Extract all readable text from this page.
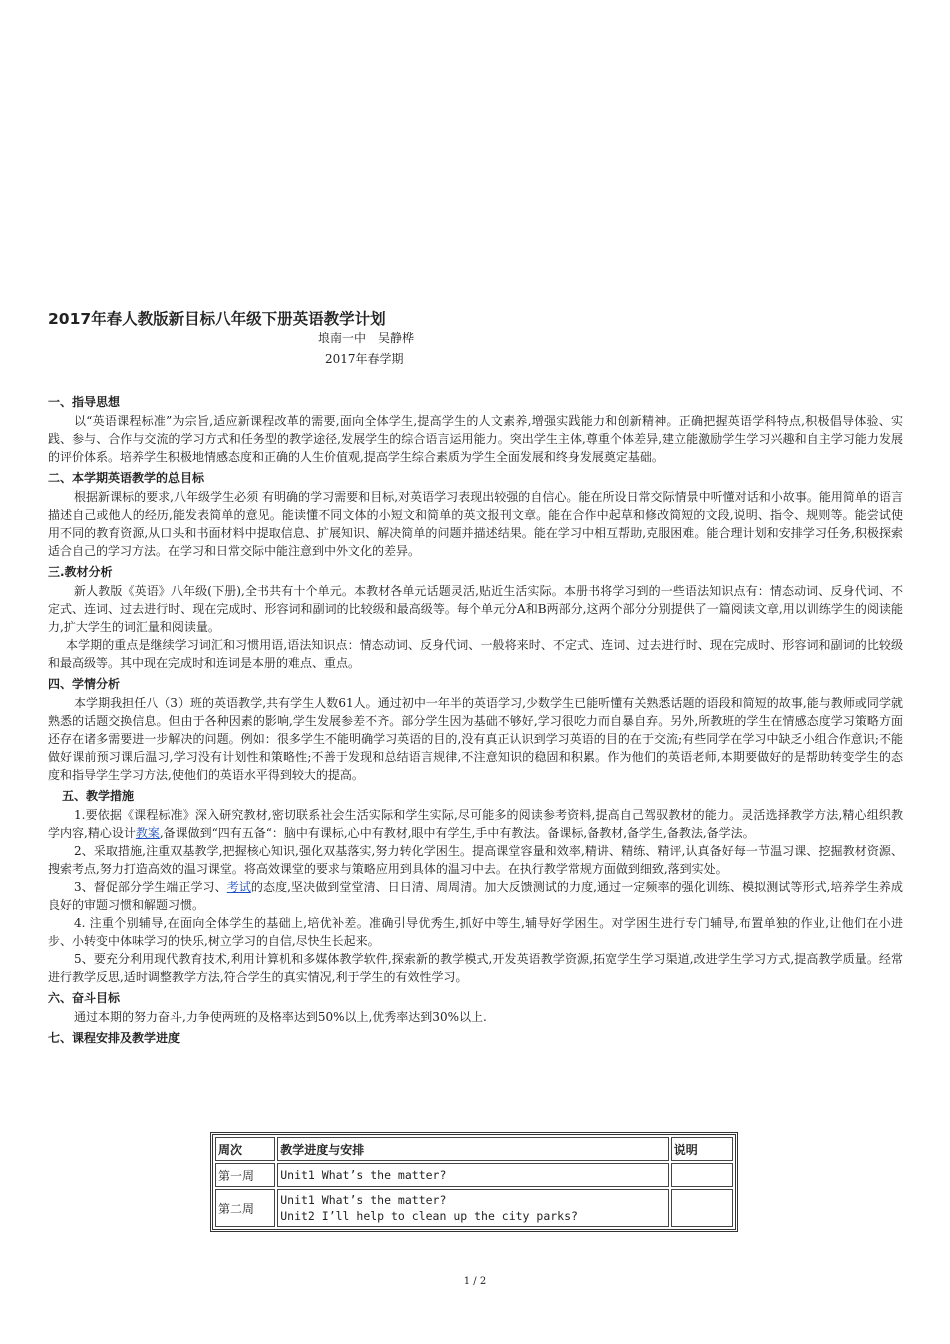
2017年春人教版新目标八年级下册英语教学计划
埌南一中　吴静桦
2017年春学期
一、指导思想

以“英语课程标准”为宗旨,适应新课程改革的需要,面向全体学生,提高学生的人文素养,增强实践能力和创新精神。正确把握英语学科特点,积极倡导体验、实践、参与、合作与交流的学习方式和任务型的教学途径,发展学生的综合语言运用能力。突出学生主体,尊重个体差异,建立能激励学生学习兴趣和自主学习能力发展的评价体系。培养学生积极地情感态度和正确的人生价值观,提高学生综合素质为学生全面发展和终身发展奠定基础。

二、本学期英语教学的总目标

根据新课标的要求,八年级学生必须 有明确的学习需要和目标,对英语学习表现出较强的自信心。能在所设日常交际情景中听懂对话和小故事。能用简单的语言描述自己或他人的经历,能发表简单的意见。能读懂不同文体的小短文和简单的英文报刊文章。能在合作中起草和修改简短的文段,说明、指令、规则等。能尝试使用不同的教育资源,从口头和书面材料中提取信息、扩展知识、解决简单的问题并描述结果。能在学习中相互帮助,克服困难。能合理计划和安排学习任务,积极探索适合自己的学习方法。在学习和日常交际中能注意到中外文化的差异。

三.教材分析

新人教版《英语》八年级(下册),全书共有十个单元。本教材各单元话题灵活,贴近生活实际。本册书将学习到的一些语法知识点有：情态动词、反身代词、不定式、连词、过去进行时、现在完成时、形容词和副词的比较级和最高级等。每个单元分A和B两部分,这两个部分分别提供了一篇阅读文章,用以训练学生的阅读能力,扩大学生的词汇量和阅读量。

本学期的重点是继续学习词汇和习惯用语,语法知识点：情态动词、反身代词、一般将来时、不定式、连词、过去进行时、现在完成时、形容词和副词的比较级和最高级等。其中现在完成时和连词是本册的难点、重点。

四、学情分析

本学期我担任八（3）班的英语教学,共有学生人数61人。通过初中一年半的英语学习,少数学生已能听懂有关熟悉话题的语段和简短的故事,能与教师或同学就熟悉的话题交换信息。但由于各种因素的影响,学生发展参差不齐。部分学生因为基础不够好,学习很吃力而自暴自弃。另外,所教班的学生在情感态度学习策略方面还存在诸多需要进一步解决的问题。例如：很多学生不能明确学习英语的目的,没有真正认识到学习英语的目的在于交流;有些同学在学习中缺乏小组合作意识;不能做好课前预习课后温习,学习没有计划性和策略性;不善于发现和总结语言规律,不注意知识的稳固和积累。作为他们的英语老师,本期要做好的是帮助转变学生的态度和指导学生学习方法,使他们的英语水平得到较大的提高。

五、教学措施

1.要依据《课程标准》深入研究教材,密切联系社会生活实际和学生实际,尽可能多的阅读参考资料,提高自己驾驭教材的能力。灵活选择教学方法,精心组织教学内容,精心设计教案,备课做到“四有五备“：脑中有课标,心中有教材,眼中有学生,手中有教法。备课标,备教材,备学生,备教法,备学法。

2、采取措施,注重双基教学,把握核心知识,强化双基落实,努力转化学困生。提高课堂容量和效率,精讲、精练、精评,认真备好每一节温习课、挖掘教材资源、搜索考点,努力打造高效的温习课堂。将高效课堂的要求与策略应用到具体的温习中去。在执行教学常规方面做到细致,落到实处。

3、督促部分学生端正学习、考试的态度,坚决做到堂堂清、日日清、周周清。加大反馈测试的力度,通过一定频率的强化训练、模拟测试等形式,培养学生养成良好的审题习惯和解题习惯。

4. 注重个别辅导,在面向全体学生的基础上,培优补差。准确引导优秀生,抓好中等生,辅导好学困生。对学困生进行专门辅导,布置单独的作业,让他们在小进步、小转变中体味学习的快乐,树立学习的自信,尽快生长起来。

5、要充分利用现代教育技术,利用计算机和多媒体教学软件,探索新的教学模式,开发英语教学资源,拓宽学生学习渠道,改进学生学习方式,提高教学质量。经常进行教学反思,适时调整教学方法,符合学生的真实情况,利于学生的有效性学习。

六、奋斗目标

通过本期的努力奋斗,力争使两班的及格率达到50%以上,优秀率达到30%以上.

七、课程安排及教学进度
周次	教学进度与安排	说明
第一周	Unit1 What’s the matter?	

第二周	Unit1 What’s the matter?
Unit2 I’ll help to clean up the city parks?	

1 / 2
